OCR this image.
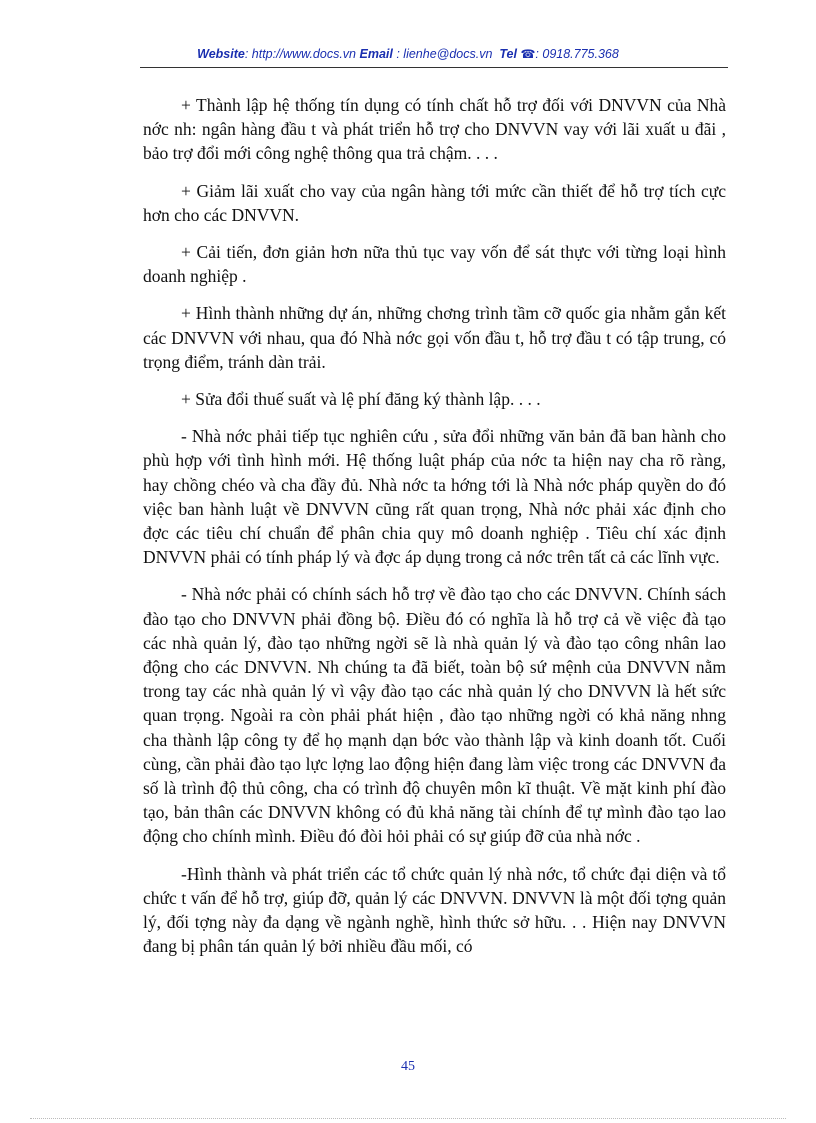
Website: http://www.docs.vn Email : lienhe@docs.vn Tel ☎: 0918.775.368

+ Thành lập hệ thống tín dụng có tính chất hỗ trợ đối với DNVVN của Nhà nớc nh: ngân hàng đầu t và phát triển hỗ trợ cho DNVVN vay với lãi xuất u đãi , bảo trợ đổi mới công nghệ thông qua trả chậm. . . .

+ Giảm lãi xuất cho vay của ngân hàng tới mức cần thiết để hỗ trợ tích cực hơn cho các DNVVN.

+ Cải tiến, đơn giản hơn nữa thủ tục vay vốn để sát thực với từng loại hình doanh nghiệp .

+ Hình thành những dự án, những chơng trình tầm cỡ quốc gia nhằm gắn kết các DNVVN với nhau, qua đó Nhà nớc gọi vốn đầu t, hỗ trợ đầu t có tập trung, có trọng điểm, tránh dàn trải.

+ Sửa đổi thuế suất và lệ phí đăng ký thành lập. . . .

- Nhà nớc phải tiếp tục nghiên cứu , sửa đổi những văn bản đã ban hành cho phù hợp với tình hình mới. Hệ thống luật pháp của nớc ta hiện nay cha rõ ràng, hay chồng chéo và cha đầy đủ. Nhà nớc ta hớng tới là Nhà nớc pháp quyền do đó việc ban hành luật về DNVVN cũng rất quan trọng, Nhà nớc phải xác định cho đợc các tiêu chí chuẩn để phân chia quy mô doanh nghiệp . Tiêu chí xác định DNVVN phải có tính pháp lý và đợc áp dụng trong cả nớc trên tất cả các lĩnh vực.

- Nhà nớc phải có chính sách hỗ trợ về đào tạo cho các DNVVN. Chính sách đào tạo cho DNVVN phải đồng bộ. Điều đó có nghĩa là hỗ trợ cả về việc đà tạo các nhà quản lý, đào tạo những ngời sẽ là nhà quản lý và đào tạo công nhân lao động cho các DNVVN. Nh chúng ta đã biết, toàn bộ sứ mệnh của DNVVN nằm trong tay các nhà quản lý vì vậy đào tạo các nhà quản lý cho DNVVN là hết sức quan trọng. Ngoài ra còn phải phát hiện , đào tạo những ngời có khả năng nhng cha thành lập công ty để họ mạnh dạn bớc vào thành lập và kinh doanh tốt. Cuối cùng, cần phải đào tạo lực lợng lao động hiện đang làm việc trong các DNVVN đa số là trình độ thủ công, cha có trình độ chuyên môn kĩ thuật. Về mặt kinh phí đào tạo, bản thân các DNVVN không có đủ khả năng tài chính để tự mình đào tạo lao động cho chính mình. Điều đó đòi hỏi phải có sự giúp đỡ của nhà nớc .

-Hình thành và phát triển các tổ chức quản lý nhà nớc, tổ chức đại diện và tổ chức t vấn để hỗ trợ, giúp đỡ, quản lý các DNVVN. DNVVN là một đối tợng quản lý, đối tợng này đa dạng về ngành nghề, hình thức sở hữu. . . Hiện nay DNVVN đang bị phân tán quản lý bởi nhiều đầu mối, có

45
